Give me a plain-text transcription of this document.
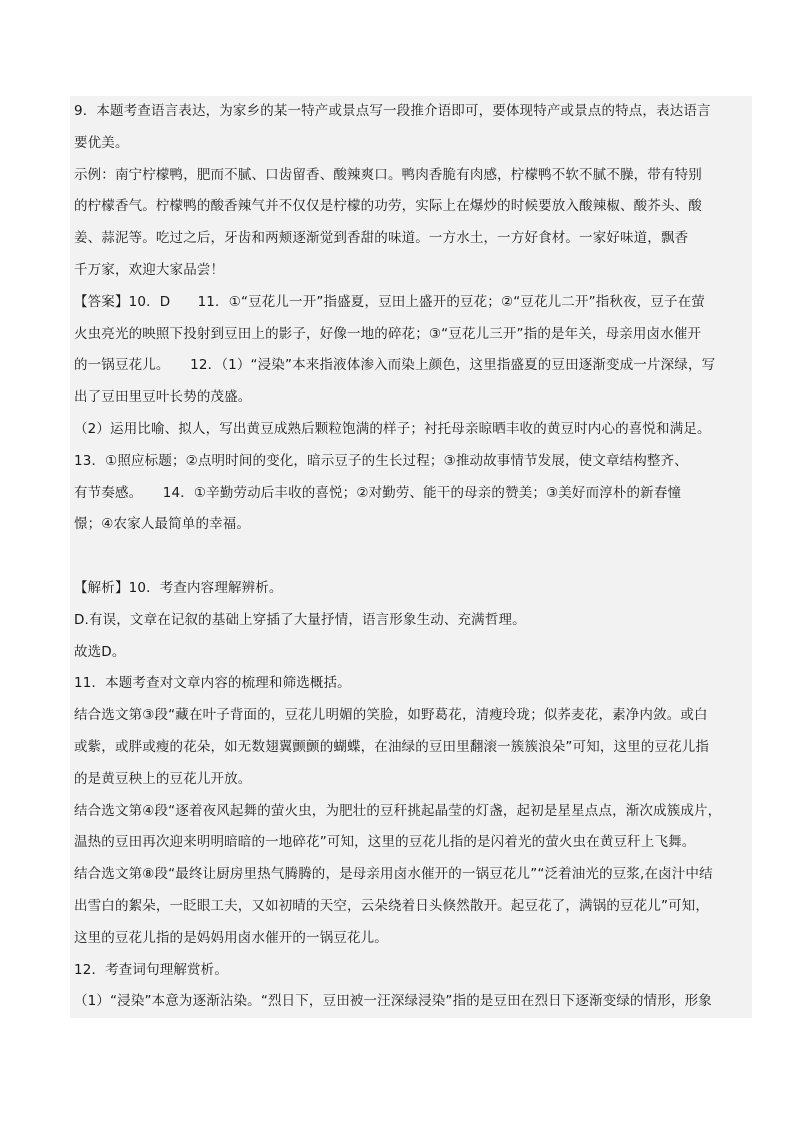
9．本题考查语言表达，为家乡的某一特产或景点写一段推介语即可，要体现特产或景点的特点，表达语言
要优美。
示例：南宁柠檬鸭，肥而不腻、口齿留香、酸辣爽口。鸭肉香脆有肉感，柠檬鸭不软不腻不臊，带有特别
的柠檬香气。柠檬鸭的酸香辣气并不仅仅是柠檬的功劳，实际上在爆炒的时候要放入酸辣椒、酸芥头、酸
姜、蒜泥等。吃过之后，牙齿和两颊逐渐觉到香甜的味道。一方水土，一方好食材。一家好味道，飘香
千万家，欢迎大家品尝！
【答案】10．D　　11．①“豆花儿一开”指盛夏，豆田上盛开的豆花；②“豆花儿二开”指秋夜，豆子在萤
火虫亮光的映照下投射到豆田上的影子，好像一地的碎花；③“豆花儿三开”指的是年关，母亲用卤水催开
的一锅豆花儿。　　12．（1）“浸染”本来指液体渗入而染上颜色，这里指盛夏的豆田逐渐变成一片深绿，写
出了豆田里豆叶长势的茂盛。
（2）运用比喻、拟人，写出黄豆成熟后颗粒饱满的样子；衬托母亲晾晒丰收的黄豆时内心的喜悦和满足。
13．①照应标题；②点明时间的变化，暗示豆子的生长过程；③推动故事情节发展，使文章结构整齐、
有节奏感。　　14．①辛勤劳动后丰收的喜悦；②对勤劳、能干的母亲的赞美；③美好而淳朴的新春憧
憬；④农家人最简单的幸福。
【解析】10．考查内容理解辨析。
D.有误，文章在记叙的基础上穿插了大量抒情，语言形象生动、充满哲理。
故选D。
11．本题考查对文章内容的梳理和筛选概括。
结合选文第③段“藏在叶子背面的，豆花儿明媚的笑脸，如野葛花，清瘦玲珑；似荞麦花，素净内敛。或白
或紫，或胖或瘦的花朵，如无数翅翼颤颤的蝴蝶，在油绿的豆田里翻滚一簇簇浪朵”可知，这里的豆花儿指
的是黄豆秧上的豆花儿开放。
结合选文第④段“逐着夜风起舞的萤火虫，为肥壮的豆秆挑起晶莹的灯盏，起初是星星点点，渐次成簇成片，
温热的豆田再次迎来明明暗暗的一地碎花”可知，这里的豆花儿指的是闪着光的萤火虫在黄豆秆上飞舞。
结合选文第⑧段“最终让厨房里热气腾腾的，是母亲用卤水催开的一锅豆花儿”“泛着油光的豆浆,在卤汁中结
出雪白的絮朵，一眨眼工夫，又如初晴的天空，云朵绕着日头倏然散开。起豆花了，满锅的豆花儿”可知，
这里的豆花儿指的是妈妈用卤水催开的一锅豆花儿。
12．考查词句理解赏析。
（1）“浸染”本意为逐渐沾染。“烈日下，豆田被一汪深绿浸染”指的是豆田在烈日下逐渐变绿的情形，形象
